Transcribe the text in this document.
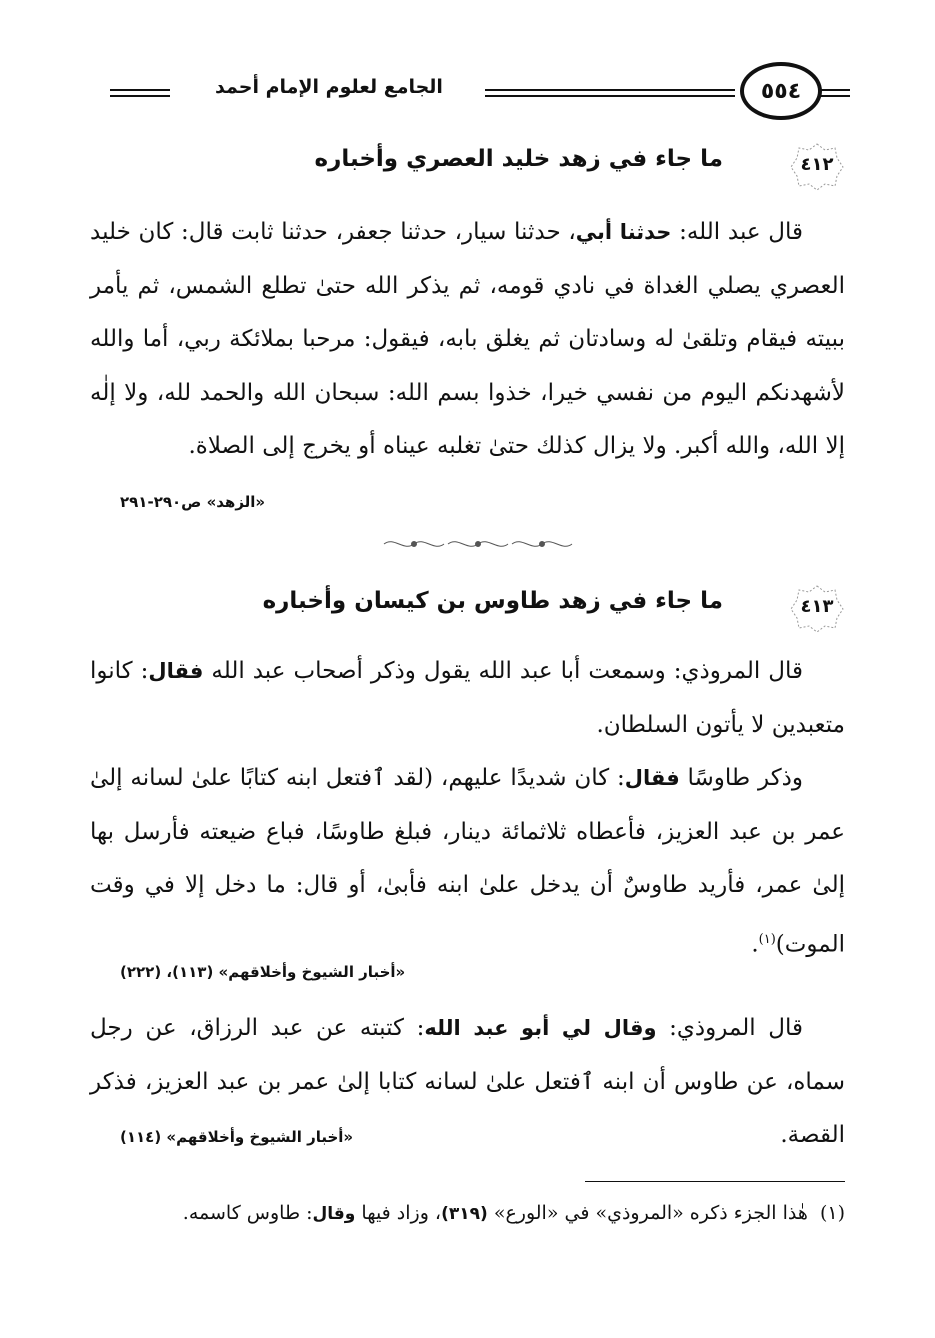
الجامع لعلوم الإمام أحمد	٥٥٤
٤١٢
ما جاء في زهد خليد العصري وأخباره
قال عبد الله: حدثنا أبي، حدثنا سيار، حدثنا جعفر، حدثنا ثابت قال: كان خليد العصري يصلي الغداة في نادي قومه، ثم يذكر الله حتىٰ تطلع الشمس، ثم يأمر ببيته فيقام وتلقىٰ له وسادتان ثم يغلق بابه، فيقول: مرحبا بملائكة ربي، أما والله لأشهدنكم اليوم من نفسي خيرا، خذوا بسم الله: سبحان الله والحمد لله، ولا إلٰه إلا الله، والله أكبر. ولا يزال كذلك حتىٰ تغلبه عيناه أو يخرج إلى الصلاة.
«الزهد» ص٢٩٠-٢٩١
٤١٣
ما جاء في زهد طاوس بن كيسان وأخباره
قال المروذي: وسمعت أبا عبد الله يقول وذكر أصحاب عبد الله فقال: كانوا متعبدين لا يأتون السلطان.
وذكر طاوسًا فقال: كان شديدًا عليهم، (لقد ٱفتعل ابنه كتابًا علىٰ لسانه إلىٰ عمر بن عبد العزيز، فأعطاه ثلاثمائة دينار، فبلغ طاوسًا، فباع ضيعته فأرسل بها إلىٰ عمر، فأريد طاوسٌ أن يدخل علىٰ ابنه فأبىٰ، أو قال: ما دخل إلا في وقت الموت)$^{(١)}$.
«أخبار الشيوخ وأخلاقهم» (١١٣)، (٢٢٢)
قال المروذي: وقال لي أبو عبد الله: كتبته عن عبد الرزاق، عن رجل سماه، عن طاوس أن ابنه ٱفتعل علىٰ لسانه كتابا إلىٰ عمر بن عبد العزيز، فذكر القصة.
«أخبار الشيوخ وأخلاقهم» (١١٤)
(١)  هٰذا الجزء ذكره «المروذي» في «الورع» (٣١٩)، وزاد فيها وقال: طاوس كاسمه.
